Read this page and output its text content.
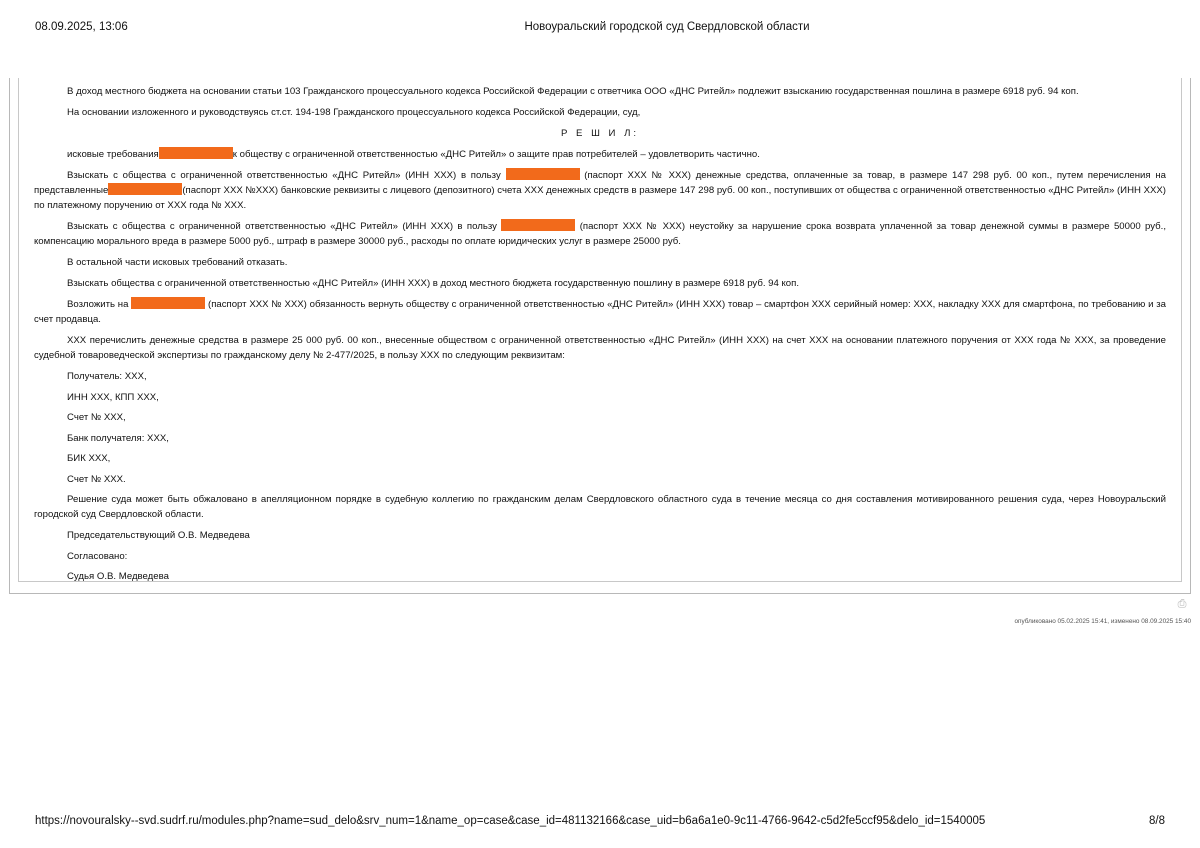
08.09.2025, 13:06	Новоуральский городской суд Свердловской области

В доход местного бюджета на основании статьи 103 Гражданского процессуального кодекса Российской Федерации с ответчика ООО «ДНС Ритейл» подлежит взысканию государственная пошлина в размере 6918 руб. 94 коп.

На основании изложенного и руководствуясь ст.ст. 194-198 Гражданского процессуального кодекса Российской Федерации, суд,

Р Е Ш И Л:

исковые требования	к обществу с ограниченной ответственностью «ДНС Ритейл» о защите прав потребителей – удовлетворить частично.

Взыскать с общества с ограниченной ответственностью «ДНС Ритейл» (ИНН ХХХ) в пользу	(паспорт ХХХ № ХХХ) денежные средства, оплаченные за товар, в размере 147 298 руб. 00 коп., путем перечисления на представленные	(паспорт ХХХ №ХХХ) банковские реквизиты с лицевого (депозитного) счета ХХХ денежных средств в размере 147 298 руб. 00 коп., поступивших от общества с ограниченной ответственностью «ДНС Ритейл» (ИНН ХХХ) по платежному поручению от ХХХ года № ХХХ.

Взыскать с общества с ограниченной ответственностью «ДНС Ритейл» (ИНН ХХХ) в пользу	(паспорт ХХХ № ХХХ) неустойку за нарушение срока возврата уплаченной за товар денежной суммы в размере 50000 руб., компенсацию морального вреда в размере 5000 руб., штраф в размере 30000 руб., расходы по оплате юридических услуг в размере 25000 руб.

В остальной части исковых требований отказать.

Взыскать общества с ограниченной ответственностью «ДНС Ритейл» (ИНН ХХХ) в доход местного бюджета государственную пошлину в размере 6918 руб. 94 коп.

Возложить на	(паспорт ХХХ № ХХХ) обязанность вернуть обществу с ограниченной ответственностью «ДНС Ритейл» (ИНН ХХХ) товар – смартфон ХХХ серийный номер: ХХХ, накладку ХХХ для смартфона, по требованию и за счет продавца.

ХХХ перечислить денежные средства в размере 25 000 руб. 00 коп., внесенные обществом с ограниченной ответственностью «ДНС Ритейл» (ИНН ХХХ) на счет ХХХ на основании платежного поручения от ХХХ года № ХХХ, за проведение судебной товароведческой экспертизы по гражданскому делу № 2-477/2025, в пользу ХХХ по следующим реквизитам:

Получатель: ХХХ,

ИНН ХХХ, КПП ХХХ,

Счет № ХХХ,

Банк получателя: ХХХ,

БИК ХХХ,

Счет № ХХХ.

Решение суда может быть обжаловано в апелляционном порядке в судебную коллегию по гражданским делам Свердловского областного суда в течение месяца со дня составления мотивированного решения суда, через Новоуральский городской суд Свердловской области.

Председательствующий О.В. Медведева

Согласовано:

Судья О.В. Медведева

⎙
опубликовано 05.02.2025 15:41, изменено 08.09.2025 15:40
https://novouralsky--svd.sudrf.ru/modules.php?name=sud_delo&srv_num=1&name_op=case&case_id=481132166&case_uid=b6a6a1e0-9c11-4766-9642-c5d2fe5ccf95&delo_id=1540005	8/8
